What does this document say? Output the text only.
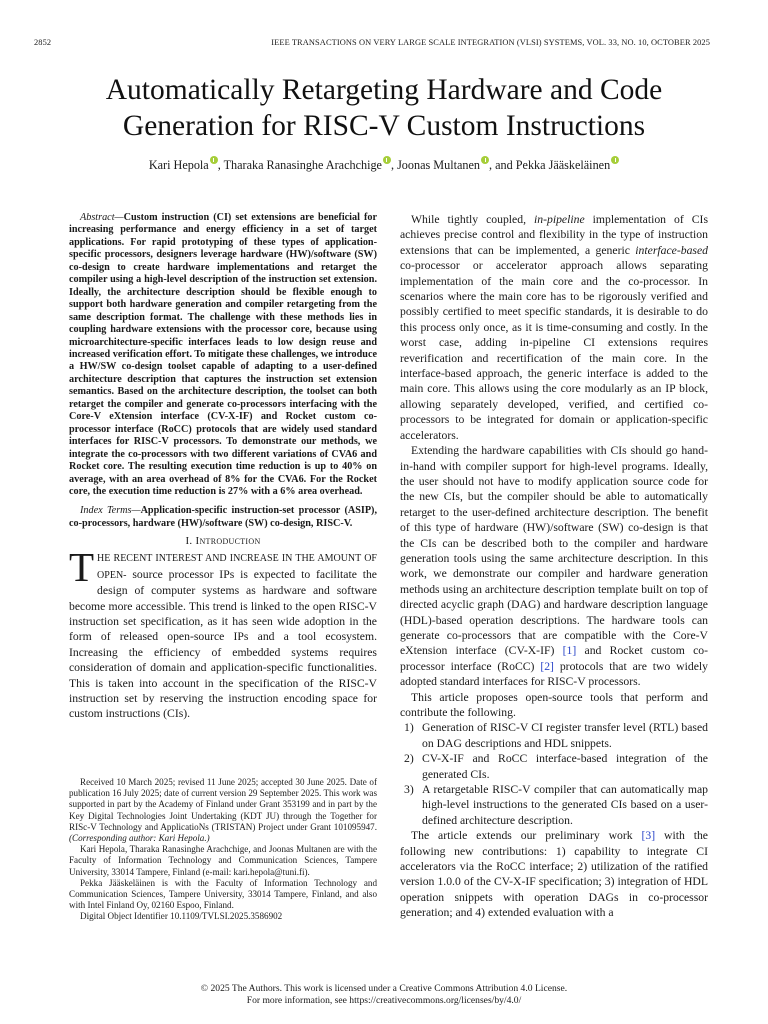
2852	IEEE TRANSACTIONS ON VERY LARGE SCALE INTEGRATION (VLSI) SYSTEMS, VOL. 33, NO. 10, OCTOBER 2025
Automatically Retargeting Hardware and Code Generation for RISC-V Custom Instructions
Kari Hepola , Tharaka Ranasinghe Arachchige , Joonas Multanen , and Pekka Jääskeläinen

Abstract—Custom instruction (CI) set extensions are beneficial for increasing performance and energy efficiency in a set of target applications. For rapid prototyping of these types of application-specific processors, designers leverage hardware (HW)/software (SW) co-design to create hardware implementations and retarget the compiler using a high-level description of the instruction set extension. Ideally, the architecture description should be flexible enough to support both hardware generation and compiler retargeting from the same description format. The challenge with these methods lies in coupling hardware extensions with the processor core, because using microarchitecture-specific interfaces leads to low design reuse and increased verification effort. To mitigate these challenges, we introduce a HW/SW co-design toolset capable of adapting to a user-defined architecture description that captures the instruction set extension semantics. Based on the architecture description, the toolset can both retarget the compiler and generate co-processors interfacing with the Core-V eXtension interface (CV-X-IF) and Rocket custom co-processor interface (RoCC) protocols that are widely used standard interfaces for RISC-V processors. To demonstrate our methods, we integrate the co-processors with two different variations of CVA6 and Rocket core. The resulting execution time reduction is up to 40% on average, with an area overhead of 8% for the CVA6. For the Rocket core, the execution time reduction is 27% with a 6% area overhead.

Index Terms—Application-specific instruction-set processor (ASIP), co-processors, hardware (HW)/software (SW) co-design, RISC-V.

I. Introduction

THE RECENT INTEREST AND INCREASE IN THE AMOUNT OF OPEN- source processor IPs is expected to facilitate the design of computer systems as hardware and software become more accessible. This trend is linked to the open RISC-V instruction set specification, as it has seen wide adoption in the form of released open-source IPs and a tool ecosystem. Increasing the efficiency of embedded systems requires consideration of domain and application-specific functionalities. This is taken into account in the specification of the RISC-V instruction set by reserving the instruction encoding space for custom instructions (CIs).

Received 10 March 2025; revised 11 June 2025; accepted 30 June 2025. Date of publication 16 July 2025; date of current version 29 September 2025. This work was supported in part by the Academy of Finland under Grant 353199 and in part by the Key Digital Technologies Joint Undertaking (KDT JU) through the Together for RISc-V Technology and ApplicatioNs (TRISTAN) Project under Grant 101095947. (Corresponding author: Kari Hepola.)

Kari Hepola, Tharaka Ranasinghe Arachchige, and Joonas Multanen are with the Faculty of Information Technology and Communication Sciences, Tampere University, 33014 Tampere, Finland (e-mail: kari.hepola@tuni.fi).

Pekka Jääskeläinen is with the Faculty of Information Technology and Communication Sciences, Tampere University, 33014 Tampere, Finland, and also with Intel Finland Oy, 02160 Espoo, Finland.

Digital Object Identifier 10.1109/TVLSI.2025.3586902

While tightly coupled, in-pipeline implementation of CIs achieves precise control and flexibility in the type of instruction extensions that can be implemented, a generic interface-based co-processor or accelerator approach allows separating implementation of the main core and the co-processor. In scenarios where the main core has to be rigorously verified and possibly certified to meet specific standards, it is desirable to do this process only once, as it is time-consuming and costly. In the worst case, adding in-pipeline CI extensions requires reverification and recertification of the main core. In the interface-based approach, the generic interface is added to the main core. This allows using the core modularly as an IP block, allowing separately developed, verified, and certified co-processors to be integrated for domain or application-specific accelerators.

Extending the hardware capabilities with CIs should go hand-in-hand with compiler support for high-level programs. Ideally, the user should not have to modify application source code for the new CIs, but the compiler should be able to automatically retarget to the user-defined architecture description. The benefit of this type of hardware (HW)/software (SW) co-design is that the CIs can be described both to the compiler and hardware generation tools using the same architecture description. In this work, we demonstrate our compiler and hardware generation methods using an architecture description template built on top of directed acyclic graph (DAG) and hardware description language (HDL)-based operation descriptions. The hardware tools can generate co-processors that are compatible with the Core-V eXtension interface (CV-X-IF) [1] and Rocket custom co-processor interface (RoCC) [2] protocols that are two widely adopted standard interfaces for RISC-V processors.

This article proposes open-source tools that perform and contribute the following.

1) Generation of RISC-V CI register transfer level (RTL) based on DAG descriptions and HDL snippets.
2) CV-X-IF and RoCC interface-based integration of the generated CIs.
3) A retargetable RISC-V compiler that can automatically map high-level instructions to the generated CIs based on a user-defined architecture description.

The article extends our preliminary work [3] with the following new contributions: 1) capability to integrate CI accelerators via the RoCC interface; 2) utilization of the ratified version 1.0.0 of the CV-X-IF specification; 3) integration of HDL operation snippets with operation DAGs in co-processor generation; and 4) extended evaluation with a

© 2025 The Authors. This work is licensed under a Creative Commons Attribution 4.0 License.
For more information, see https://creativecommons.org/licenses/by/4.0/
